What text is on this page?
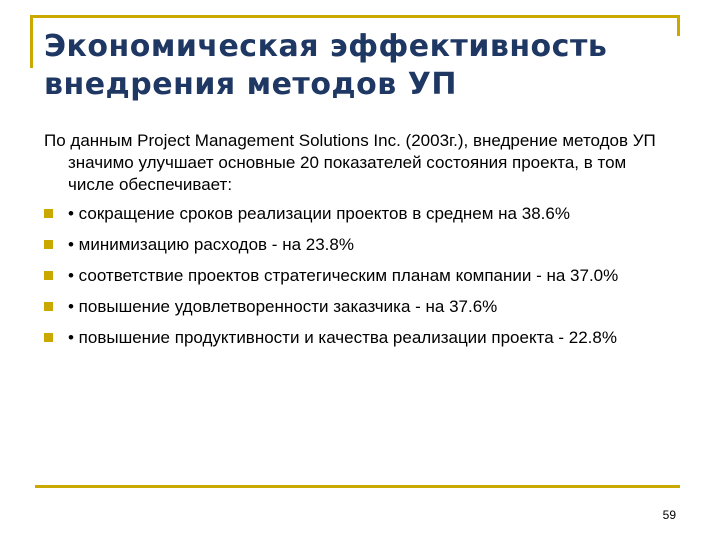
Экономическая эффективность
внедрения методов УП

По данным Project Management Solutions Inc. (2003г.), внедрение методов УП значимо улучшает основные 20 показателей состояния проекта, в том числе обеспечивает:

• сокращение сроков реализации проектов в среднем на 38.6%
• минимизацию расходов - на 23.8%
• соответствие проектов стратегическим планам компании - на 37.0%
• повышение удовлетворенности заказчика - на 37.6%
• повышение продуктивности и качества реализации проекта - 22.8%
59
